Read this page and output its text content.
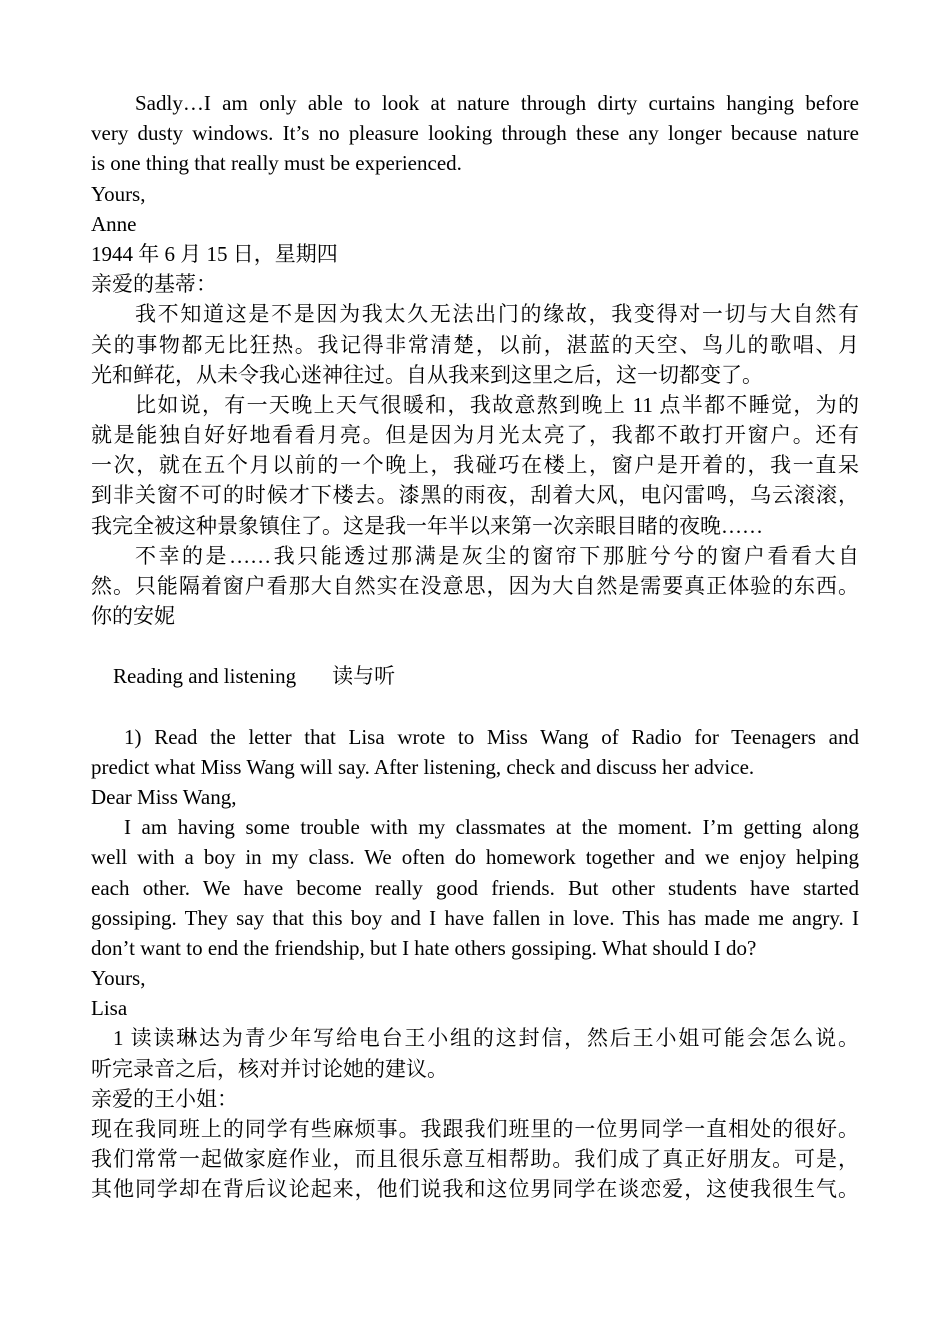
Sadly…I am only able to look at nature through dirty curtains hanging before
very dusty windows. It’s no pleasure looking through these any longer because nature
is one thing that really must be experienced.
Yours,
Anne
1944 年 6 月 15 日，星期四
亲爱的基蒂：
我不知道这是不是因为我太久无法出门的缘故，我变得对一切与大自然有
关的事物都无比狂热。我记得非常清楚，以前，湛蓝的天空、鸟儿的歌唱、月
光和鲜花，从未令我心迷神往过。自从我来到这里之后，这一切都变了。
比如说，有一天晚上天气很暖和，我故意熬到晚上 11 点半都不睡觉，为的
就是能独自好好地看看月亮。但是因为月光太亮了，我都不敢打开窗户。还有
一次，就在五个月以前的一个晚上，我碰巧在楼上，窗户是开着的，我一直呆
到非关窗不可的时候才下楼去。漆黑的雨夜，刮着大风，电闪雷鸣，乌云滚滚，
我完全被这种景象镇住了。这是我一年半以来第一次亲眼目睹的夜晚……
不幸的是……我只能透过那满是灰尘的窗帘下那脏兮兮的窗户看看大自
然。只能隔着窗户看那大自然实在没意思，因为大自然是需要真正体验的东西。
你的安妮
Reading and listening 读与听
1) Read the letter that Lisa wrote to Miss Wang of Radio for Teenagers and
predict what Miss Wang will say. After listening, check and discuss her advice.
Dear Miss Wang,
I am having some trouble with my classmates at the moment. I’m getting along
well with a boy in my class. We often do homework together and we enjoy helping
each other. We have become really good friends. But other students have started
gossiping. They say that this boy and I have fallen in love. This has made me angry. I
don’t want to end the friendship, but I hate others gossiping. What should I do?
Yours,
Lisa
1 读读琳达为青少年写给电台王小组的这封信，然后王小姐可能会怎么说。
听完录音之后，核对并讨论她的建议。
亲爱的王小姐：
现在我同班上的同学有些麻烦事。我跟我们班里的一位男同学一直相处的很好。
我们常常一起做家庭作业，而且很乐意互相帮助。我们成了真正好朋友。可是，
其他同学却在背后议论起来，他们说我和这位男同学在谈恋爱，这使我很生气。
